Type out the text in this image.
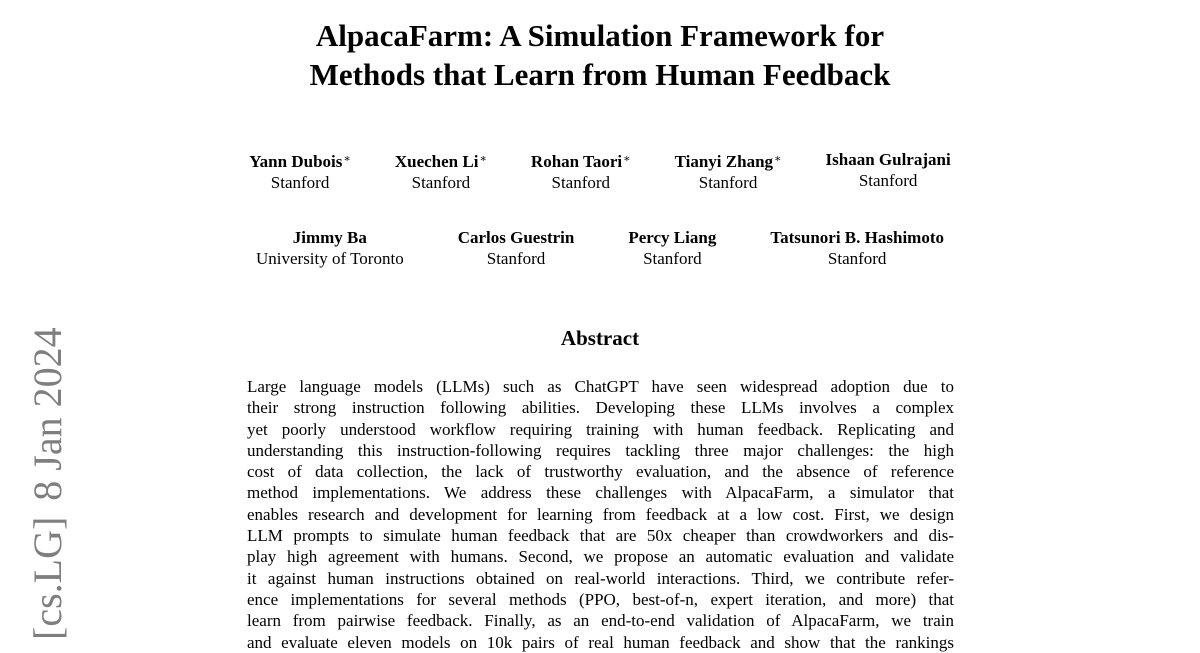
AlpacaFarm: A Simulation Framework for
Methods that Learn from Human Feedback
Yann Dubois∗
Stanford
Xuechen Li∗
Stanford
Rohan Taori∗
Stanford
Tianyi Zhang∗
Stanford
Ishaan Gulrajani
Stanford
Jimmy Ba
University of Toronto
Carlos Guestrin
Stanford
Percy Liang
Stanford
Tatsunori B. Hashimoto
Stanford
Abstract
Large language models (LLMs) such as ChatGPT have seen widespread adoption due to
their strong instruction following abilities. Developing these LLMs involves a complex
yet poorly understood workflow requiring training with human feedback. Replicating and
understanding this instruction-following requires tackling three major challenges: the high
cost of data collection, the lack of trustworthy evaluation, and the absence of reference
method implementations. We address these challenges with AlpacaFarm, a simulator that
enables research and development for learning from feedback at a low cost. First, we design
LLM prompts to simulate human feedback that are 50x cheaper than crowdworkers and dis-
play high agreement with humans. Second, we propose an automatic evaluation and validate
it against human instructions obtained on real-world interactions. Third, we contribute refer-
ence implementations for several methods (PPO, best-of-n, expert iteration, and more) that
learn from pairwise feedback. Finally, as an end-to-end validation of AlpacaFarm, we train
and evaluate eleven models on 10k pairs of real human feedback and show that the rankings
[cs.LG]8 Jan 2024
